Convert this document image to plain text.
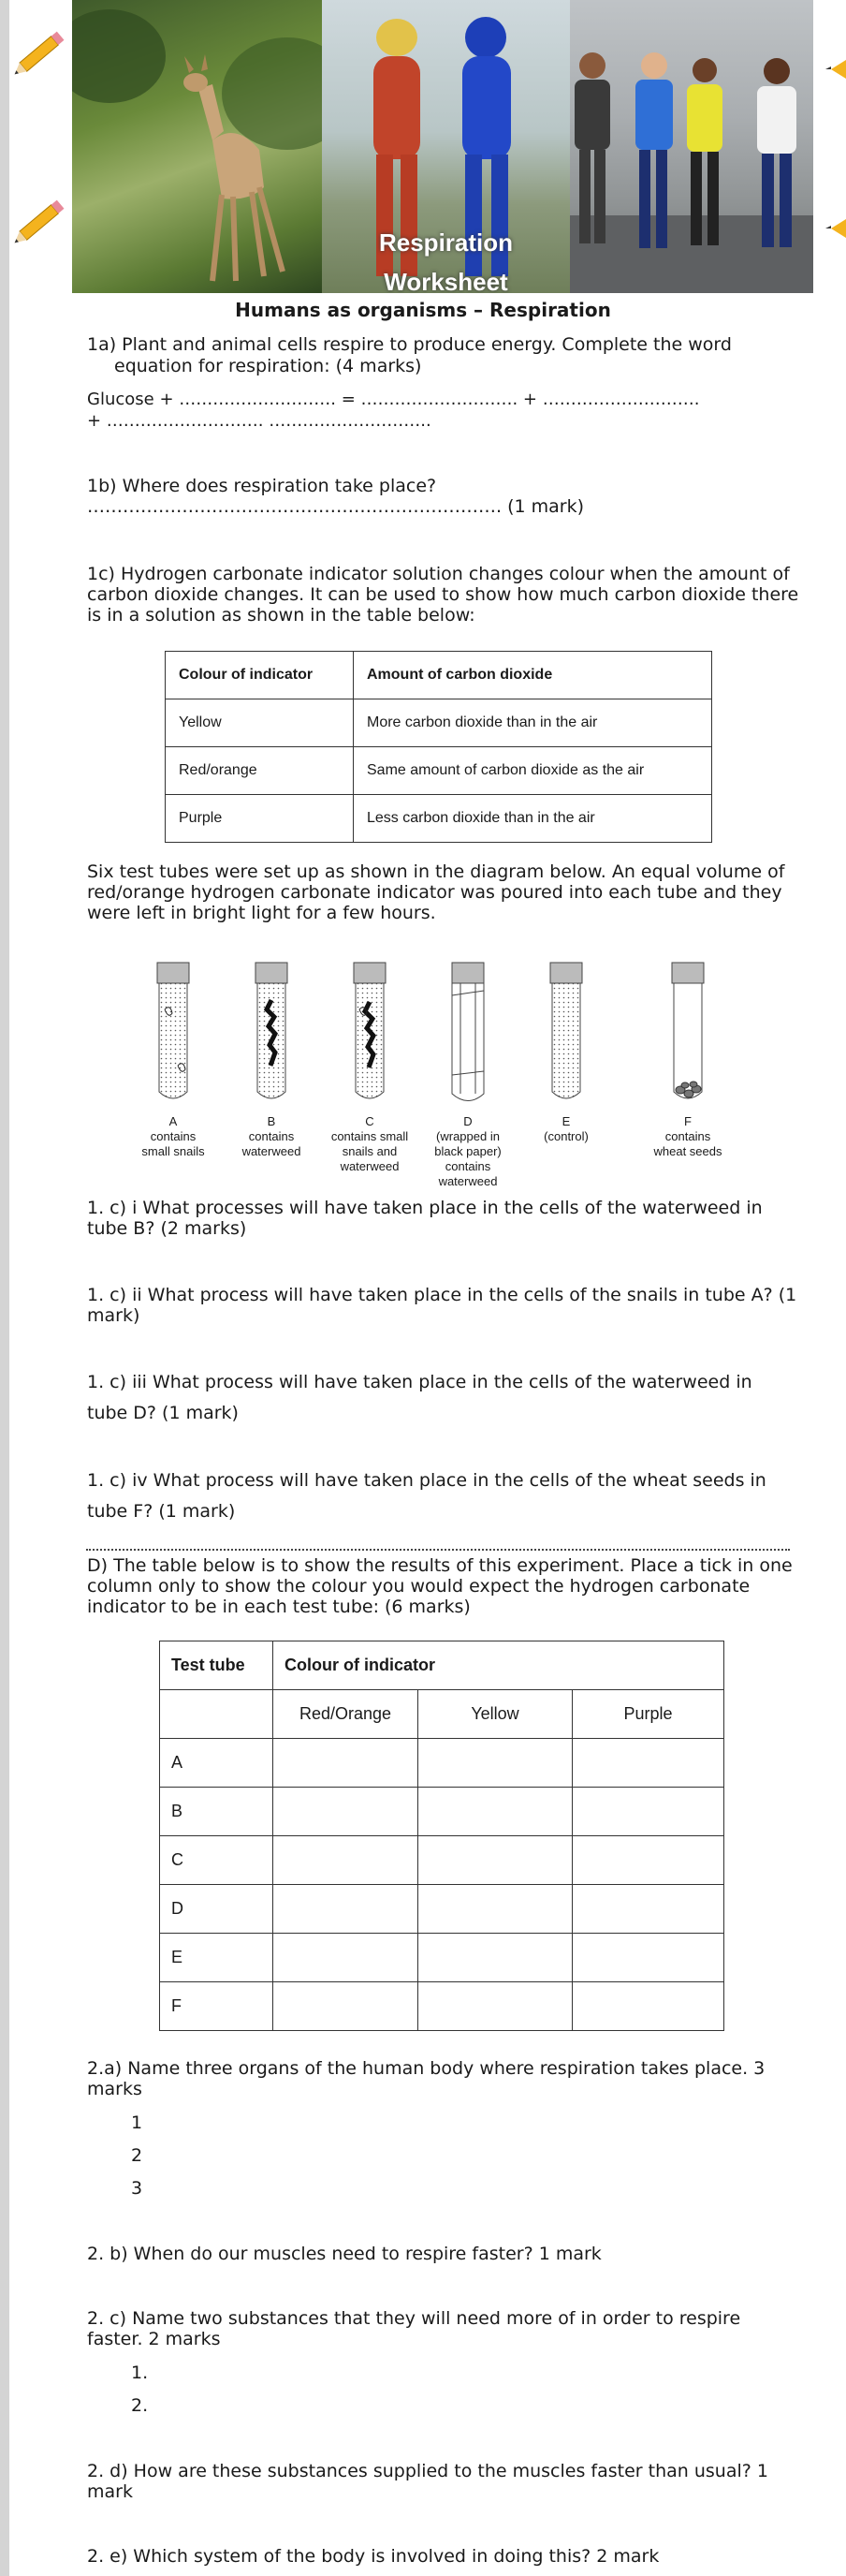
Respiration
Worksheet
Humans as organisms – Respiration
1a) Plant and animal cells respire to produce energy. Complete the word
equation for respiration: (4 marks)
Glucose + ………………………. = ………………………. + ……………………….
+ ………………………. ………………………..
1b) Where does respiration take place?
……………………………………………………………. (1 mark)
1c) Hydrogen carbonate indicator solution changes colour when the amount of
carbon dioxide changes. It can be used to show how much carbon dioxide there
is in a solution as shown in the table below:
Colour of indicator	Amount of carbon dioxide
Yellow	More carbon dioxide than in the air
Red/orange	Same amount of carbon dioxide as the air
Purple	Less carbon dioxide than in the air
Six test tubes were set up as shown in the diagram below. An equal volume of
red/orange hydrogen carbonate indicator was poured into each tube and they
were left in bright light for a few hours.
A
contains
small snails
B
contains
waterweed
C
contains small
snails and
waterweed
D
(wrapped in
black paper)
contains
waterweed
E
(control)
F
contains
wheat seeds
1. c) i What processes will have taken place in the cells of the waterweed in
tube B? (2 marks)
1. c) ii What process will have taken place in the cells of the snails in tube A? (1
mark)
1. c) iii What process will have taken place in the cells of the waterweed in
tube D? (1 mark)
1. c) iv What process will have taken place in the cells of the wheat seeds in
tube F? (1 mark)
D) The table below is to show the results of this experiment. Place a tick in one
column only to show the colour you would expect the hydrogen carbonate
indicator to be in each test tube: (6 marks)
Test tube	Colour of indicator		
	Red/Orange	Yellow	Purple
A			
B			
C			
D			
E			
F			
2.a) Name three organs of the human body where respiration takes place. 3
marks
1
2
3
2. b) When do our muscles need to respire faster? 1 mark
2. c) Name two substances that they will need more of in order to respire
faster. 2 marks
1.
2.
2. d) How are these substances supplied to the muscles faster than usual? 1
mark
2. e) Which system of the body is involved in doing this? 2 mark
